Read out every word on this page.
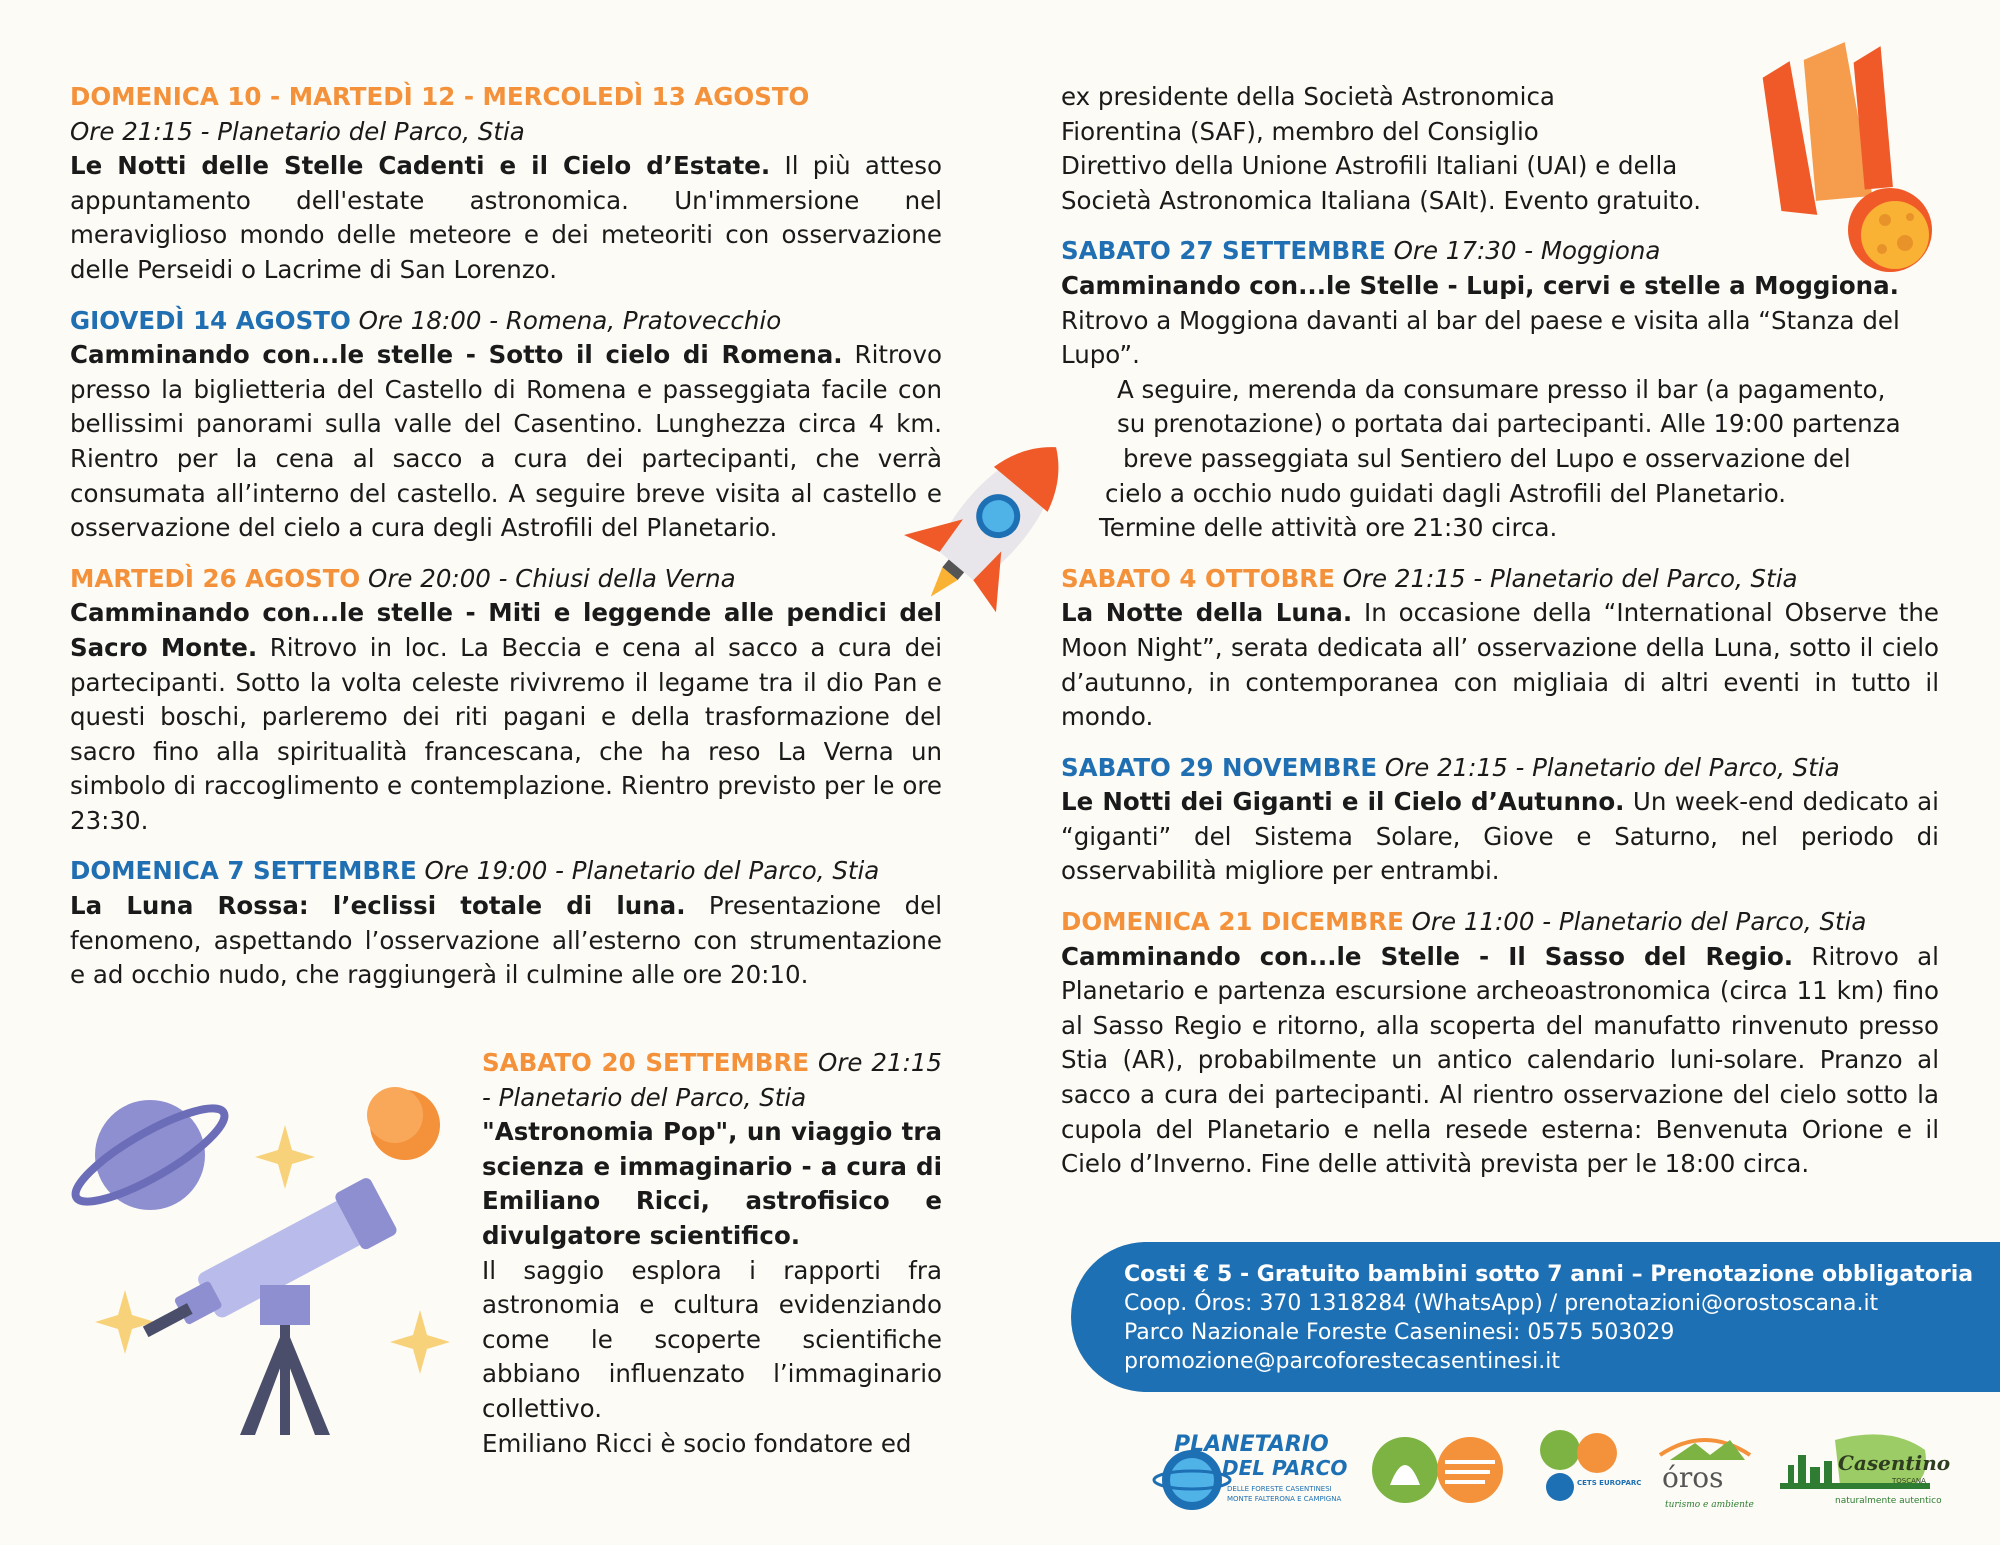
DOMENICA 10 - MARTEDÌ 12 - MERCOLEDÌ 13 AGOSTO

Ore 21:15 - Planetario del Parco, Stia

Le Notti delle Stelle Cadenti e il Cielo d’Estate. Il più atteso appuntamento dell'estate astronomica. Un'immersione nel meraviglioso mondo delle meteore e dei meteoriti con osservazione delle Perseidi o Lacrime di San Lorenzo.

GIOVEDÌ 14 AGOSTO Ore 18:00 - Romena, Pratovecchio

Camminando con...le stelle - Sotto il cielo di Romena. Ritrovo presso la biglietteria del Castello di Romena e passeggiata facile con bellissimi panorami sulla valle del Casentino. Lunghezza circa 4 km. Rientro per la cena al sacco a cura dei partecipanti, che verrà consumata all’interno del castello. A seguire breve visita al castello e osservazione del cielo a cura degli Astrofili del Planetario.

MARTEDÌ 26 AGOSTO Ore 20:00 - Chiusi della Verna

Camminando con...le stelle - Miti e leggende alle pendici del Sacro Monte. Ritrovo in loc. La Beccia e cena al sacco a cura dei partecipanti. Sotto la volta celeste rivivremo il legame tra il dio Pan e questi boschi, parleremo dei riti pagani e della trasformazione del sacro fino alla spiritualità francescana, che ha reso La Verna un simbolo di raccoglimento e contemplazione. Rientro previsto per le ore 23:30.

DOMENICA 7 SETTEMBRE Ore 19:00 - Planetario del Parco, Stia

La Luna Rossa: l’eclissi totale di luna. Presentazione del fenomeno, aspettando l’osservazione all’esterno con strumentazione e ad occhio nudo, che raggiungerà il culmine alle ore 20:10.

SABATO 20 SETTEMBRE Ore 21:15 - Planetario del Parco, Stia

"Astronomia Pop", un viaggio tra scienza e immaginario - a cura di Emiliano Ricci, astrofisico e divulgatore scientifico.

Il saggio esplora i rapporti fra astronomia e cultura evidenziando come le scoperte scientifiche abbiano influenzato l’immaginario collettivo.

Emiliano Ricci è socio fondatore ed

ex presidente della Società Astronomica

Fiorentina (SAF), membro del Consiglio

Direttivo della Unione Astrofili Italiani (UAI) e della

Società Astronomica Italiana (SAIt). Evento gratuito.

SABATO 27 SETTEMBRE Ore 17:30 - Moggiona

Camminando con...le Stelle - Lupi, cervi e stelle a Moggiona.

Ritrovo a Moggiona davanti al bar del paese e visita alla “Stanza del Lupo”.

A seguire, merenda da consumare presso il bar (a pagamento,

su prenotazione) o portata dai partecipanti. Alle 19:00 partenza

breve passeggiata sul Sentiero del Lupo e osservazione del

cielo a occhio nudo guidati dagli Astrofili del Planetario.

Termine delle attività ore 21:30 circa.

SABATO 4 OTTOBRE Ore 21:15 - Planetario del Parco, Stia

La Notte della Luna. In occasione della “International Observe the Moon Night”, serata dedicata all’ osservazione della Luna, sotto il cielo d’autunno, in contemporanea con migliaia di altri eventi in tutto il mondo.

SABATO 29 NOVEMBRE Ore 21:15 - Planetario del Parco, Stia

Le Notti dei Giganti e il Cielo d’Autunno. Un week-end dedicato ai “giganti” del Sistema Solare, Giove e Saturno, nel periodo di osservabilità migliore per entrambi.

DOMENICA 21 DICEMBRE Ore 11:00 - Planetario del Parco, Stia

Camminando con...le Stelle - Il Sasso del Regio. Ritrovo al Planetario e partenza escursione archeoastronomica (circa 11 km) fino al Sasso Regio e ritorno, alla scoperta del manufatto rinvenuto presso Stia (AR), probabilmente un antico calendario luni-solare. Pranzo al sacco a cura dei partecipanti. Al rientro osservazione del cielo sotto la cupola del Planetario e nella resede esterna: Benvenuta Orione e il Cielo d’Inverno. Fine delle attività prevista per le 18:00 circa.

Costi € 5 - Gratuito bambini sotto 7 anni – Prenotazione obbligatoria

Coop. Óros: 370 1318284 (WhatsApp) / prenotazioni@orostoscana.it

Parco Nazionale Foreste Caseninesi: 0575 503029

promozione@parcoforestecasentinesi.it

PLANETARIO
DEL PARCO
DELLE FORESTE CASENTINESI
MONTE FALTERONA E CAMPIGNA
CETS EUROPARC óros
turismo e ambiente
Casentino
TOSCANA
naturalmente autentico
